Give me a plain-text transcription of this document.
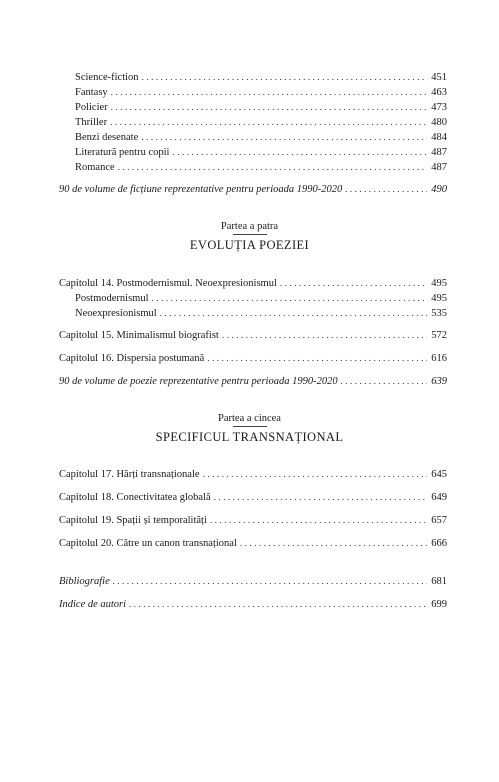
Science-fiction . . .	451
Fantasy . . .	463
Policier . . .	473
Thriller . . .	480
Benzi desenate . . .	484
Literatură pentru copii . . .	487
Romance . . .	487
90 de volume de ficțiune reprezentative pentru perioada 1990-2020 . . .	490
Partea a patra
EVOLUȚIA POEZIEI
Capitolul 14. Postmodernismul. Neoexpresionismul . . .	495
Postmodernismul . . .	495
Neoexpresionismul . . .	535
Capitolul 15. Minimalismul biografist . . .	572
Capitolul 16. Dispersia postumană . . .	616
90 de volume de poezie reprezentative pentru perioada 1990-2020 . . .	639
Partea a cincea
SPECIFICUL TRANSNAȚIONAL
Capitolul 17. Hărți transnaționale . . .	645
Capitolul 18. Conectivitatea globală . . .	649
Capitolul 19. Spații și temporalități . . .	657
Capitolul 20. Către un canon transnațional . . .	666
Bibliografie . . .	681
Indice de autori . . .	699
